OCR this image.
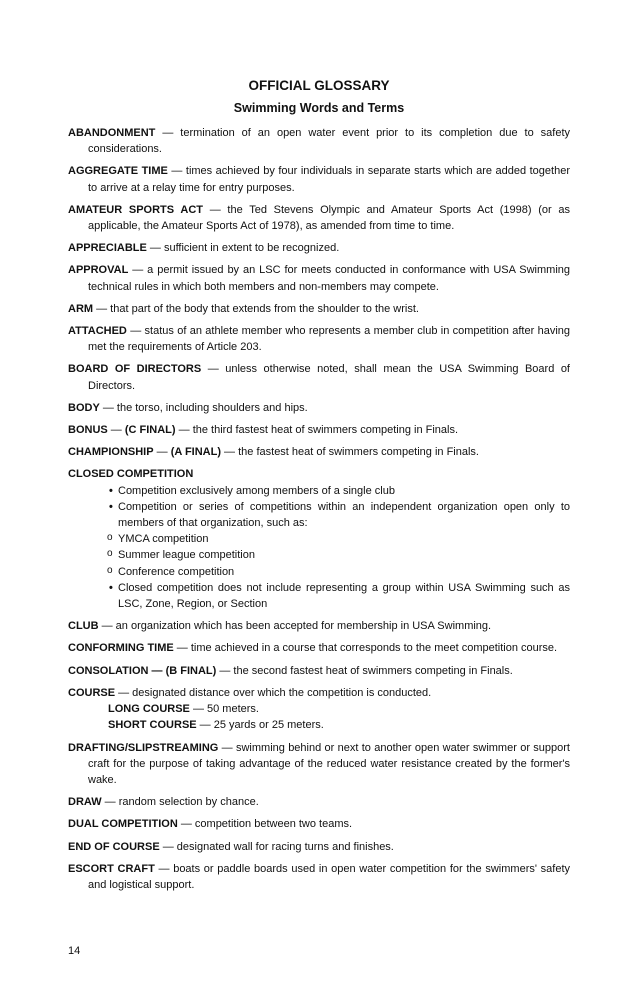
OFFICIAL GLOSSARY
Swimming Words and Terms
ABANDONMENT — termination of an open water event prior to its completion due to safety considerations.
AGGREGATE TIME — times achieved by four individuals in separate starts which are added together to arrive at a relay time for entry purposes.
AMATEUR SPORTS ACT — the Ted Stevens Olympic and Amateur Sports Act (1998) (or as applicable, the Amateur Sports Act of 1978), as amended from time to time.
APPRECIABLE — sufficient in extent to be recognized.
APPROVAL — a permit issued by an LSC for meets conducted in conformance with USA Swimming technical rules in which both members and non-members may compete.
ARM — that part of the body that extends from the shoulder to the wrist.
ATTACHED — status of an athlete member who represents a member club in competition after having met the requirements of Article 203.
BOARD OF DIRECTORS — unless otherwise noted, shall mean the USA Swimming Board of Directors.
BODY — the torso, including shoulders and hips.
BONUS — (C FINAL) — the third fastest heat of swimmers competing in Finals.
CHAMPIONSHIP — (A FINAL) — the fastest heat of swimmers competing in Finals.
CLOSED COMPETITION
• Competition exclusively among members of a single club
• Competition or series of competitions within an independent organization open only to members of that organization, such as:
o YMCA competition
o Summer league competition
o Conference competition
• Closed competition does not include representing a group within USA Swimming such as LSC, Zone, Region, or Section
CLUB — an organization which has been accepted for membership in USA Swimming.
CONFORMING TIME — time achieved in a course that corresponds to the meet competition course.
CONSOLATION — (B FINAL) — the second fastest heat of swimmers competing in Finals.
COURSE — designated distance over which the competition is conducted.
LONG COURSE — 50 meters.
SHORT COURSE — 25 yards or 25 meters.
DRAFTING/SLIPSTREAMING — swimming behind or next to another open water swimmer or support craft for the purpose of taking advantage of the reduced water resistance created by the former's wake.
DRAW — random selection by chance.
DUAL COMPETITION — competition between two teams.
END OF COURSE — designated wall for racing turns and finishes.
ESCORT CRAFT — boats or paddle boards used in open water competition for the swimmers' safety and logistical support.
14
